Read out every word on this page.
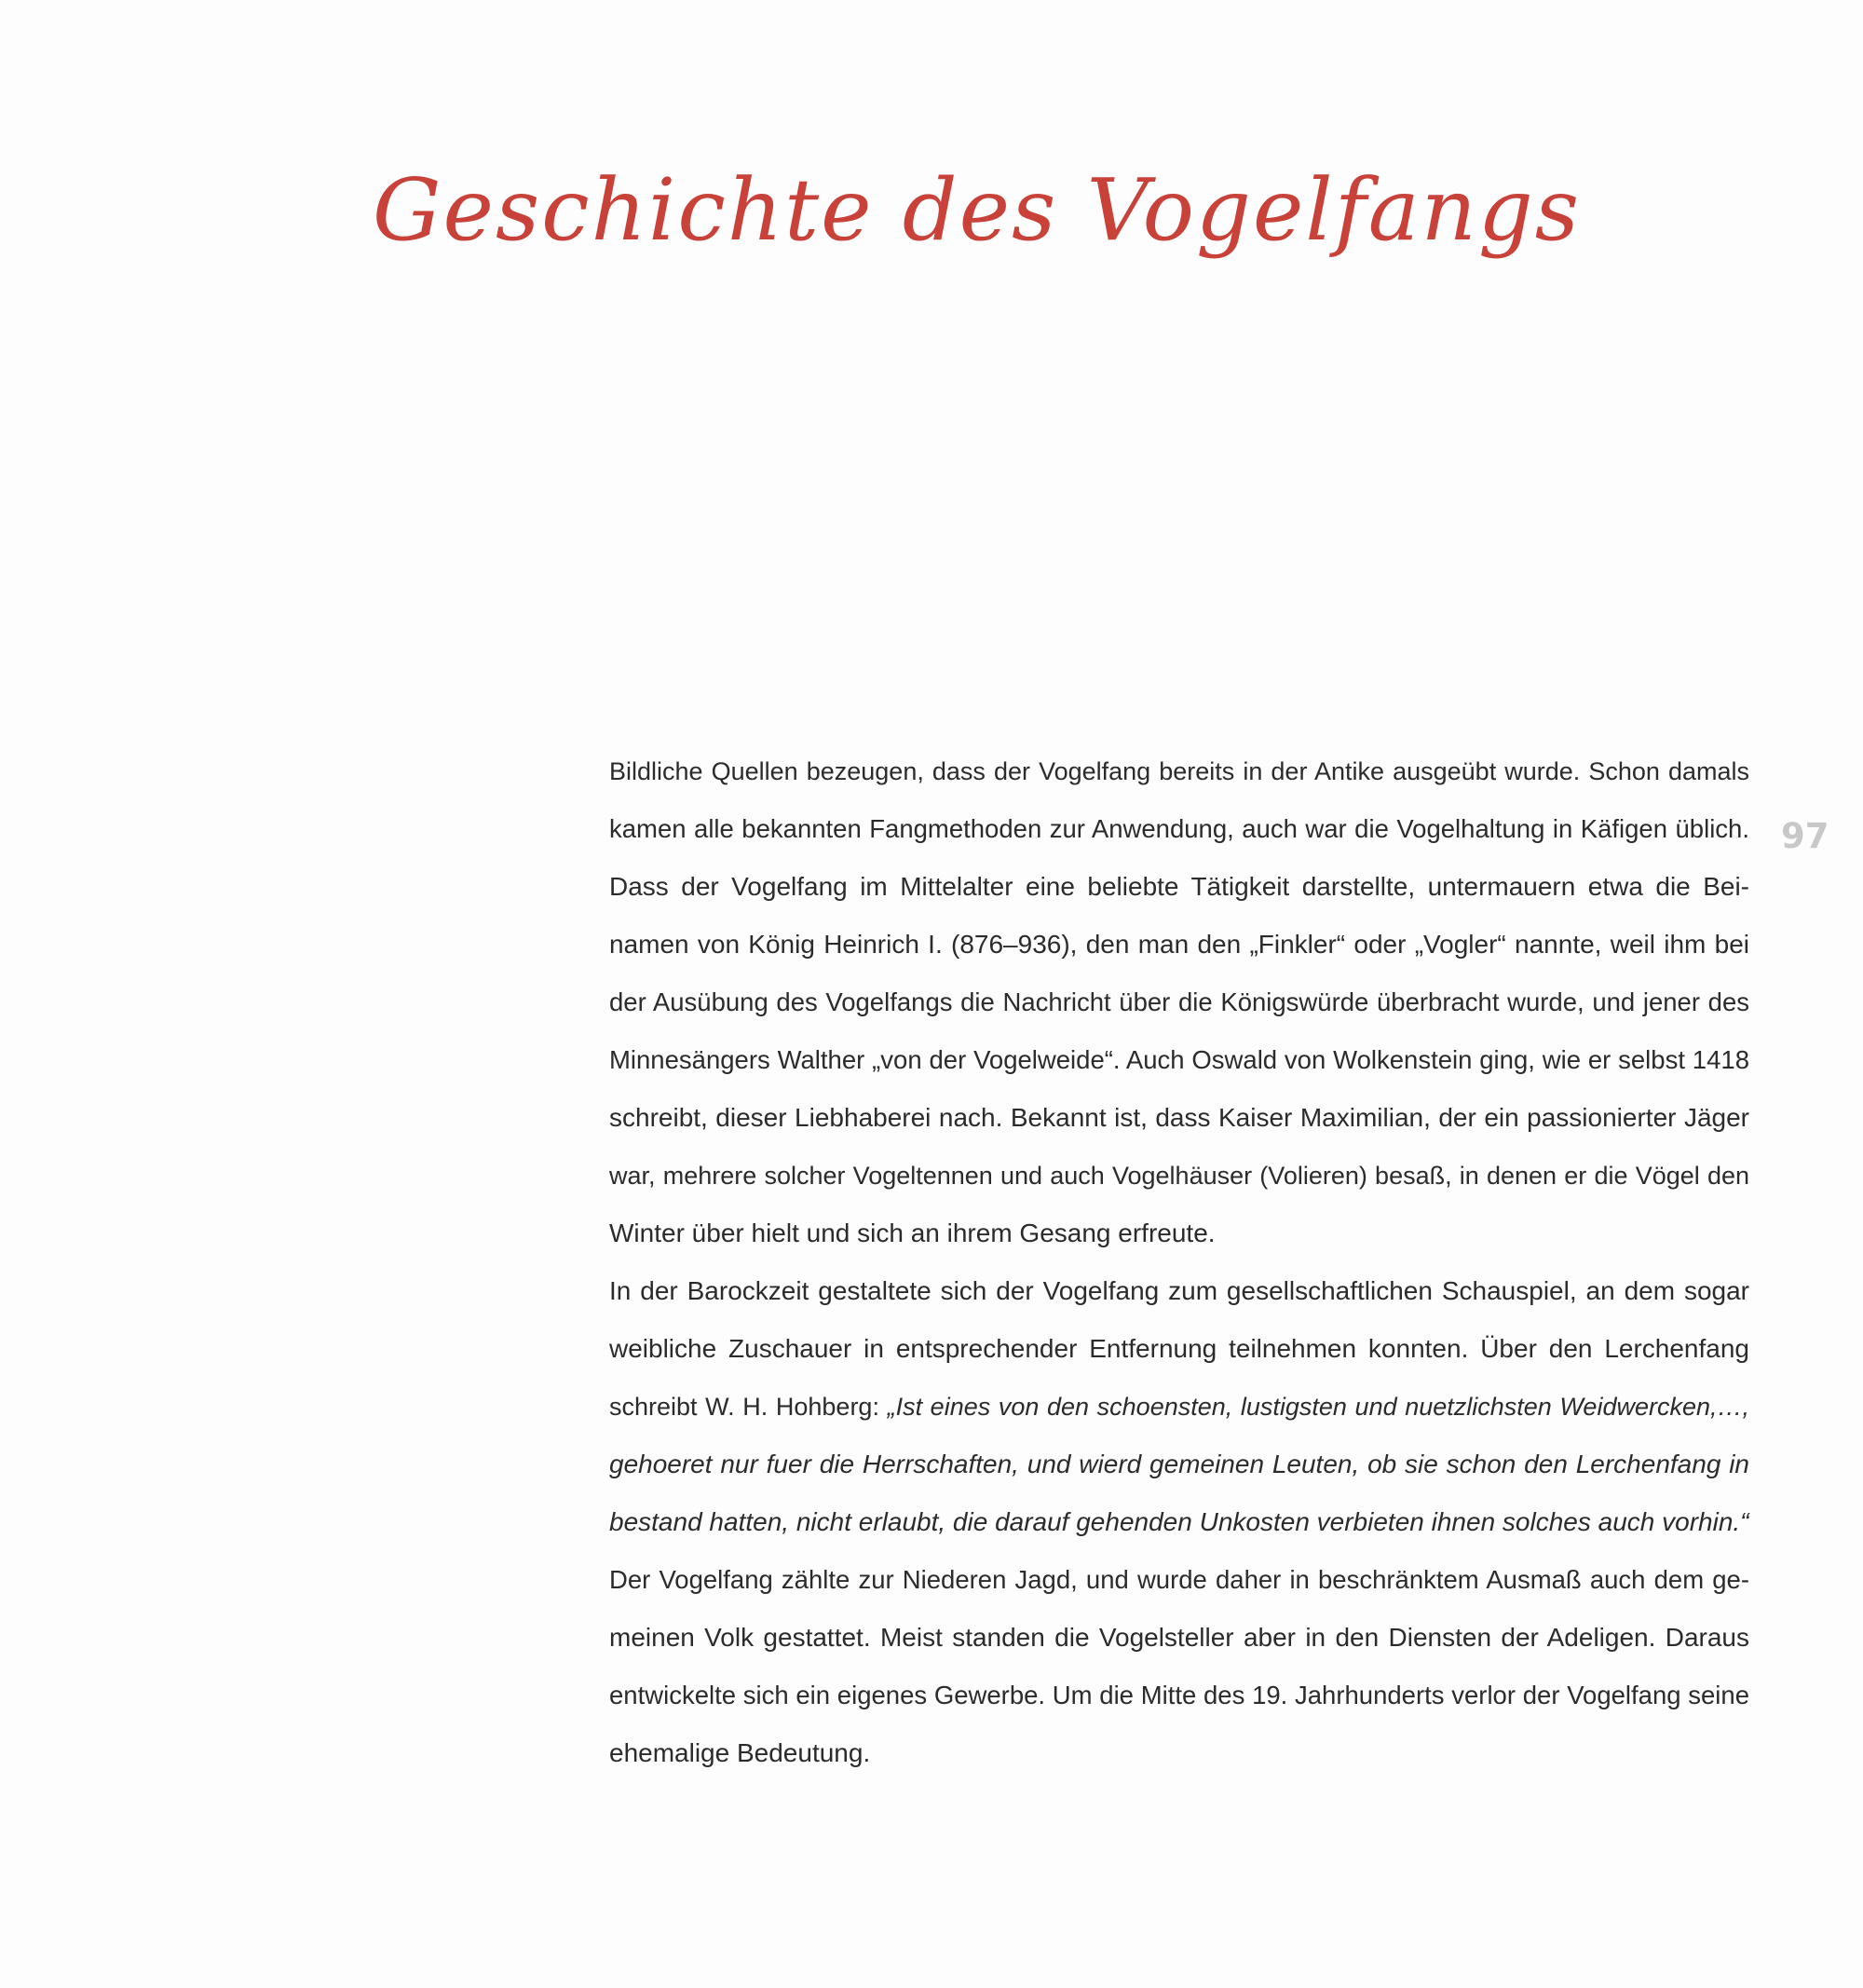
Geschichte des Vogelfangs
97
Bildliche Quellen bezeugen, dass der Vogelfang bereits in der Antike ausgeübt wurde. Schon damals
kamen alle bekannten Fangmethoden zur Anwendung, auch war die Vogelhaltung in Käfigen üblich.
Dass der Vogelfang im Mittelalter eine beliebte Tätigkeit darstellte, untermauern etwa die Bei-
namen von König Heinrich I. (876–936), den man den „Finkler“ oder „Vogler“ nannte, weil ihm bei
der Ausübung des Vogelfangs die Nachricht über die Königswürde überbracht wurde, und jener des
Minnesängers Walther „von der Vogelweide“. Auch Oswald von Wolkenstein ging, wie er selbst 1418
schreibt, dieser Liebhaberei nach. Bekannt ist, dass Kaiser Maximilian, der ein passionierter Jäger
war, mehrere solcher Vogeltennen und auch Vogelhäuser (Volieren) besaß, in denen er die Vögel den
Winter über hielt und sich an ihrem Gesang erfreute.
In der Barockzeit gestaltete sich der Vogelfang zum gesellschaftlichen Schauspiel, an dem sogar
weibliche Zuschauer in entsprechender Entfernung teilnehmen konnten. Über den Lerchenfang
schreibt W. H. Hohberg: „Ist eines von den schoensten, lustigsten und nuetzlichsten Weidwercken,…,
gehoeret nur fuer die Herrschaften, und wierd gemeinen Leuten, ob sie schon den Lerchenfang in
bestand hatten, nicht erlaubt, die darauf gehenden Unkosten verbieten ihnen solches auch vorhin.“
Der Vogelfang zählte zur Niederen Jagd, und wurde daher in beschränktem Ausmaß auch dem ge-
meinen Volk gestattet. Meist standen die Vogelsteller aber in den Diensten der Adeligen. Daraus
entwickelte sich ein eigenes Gewerbe. Um die Mitte des 19. Jahrhunderts verlor der Vogelfang seine
ehemalige Bedeutung.
